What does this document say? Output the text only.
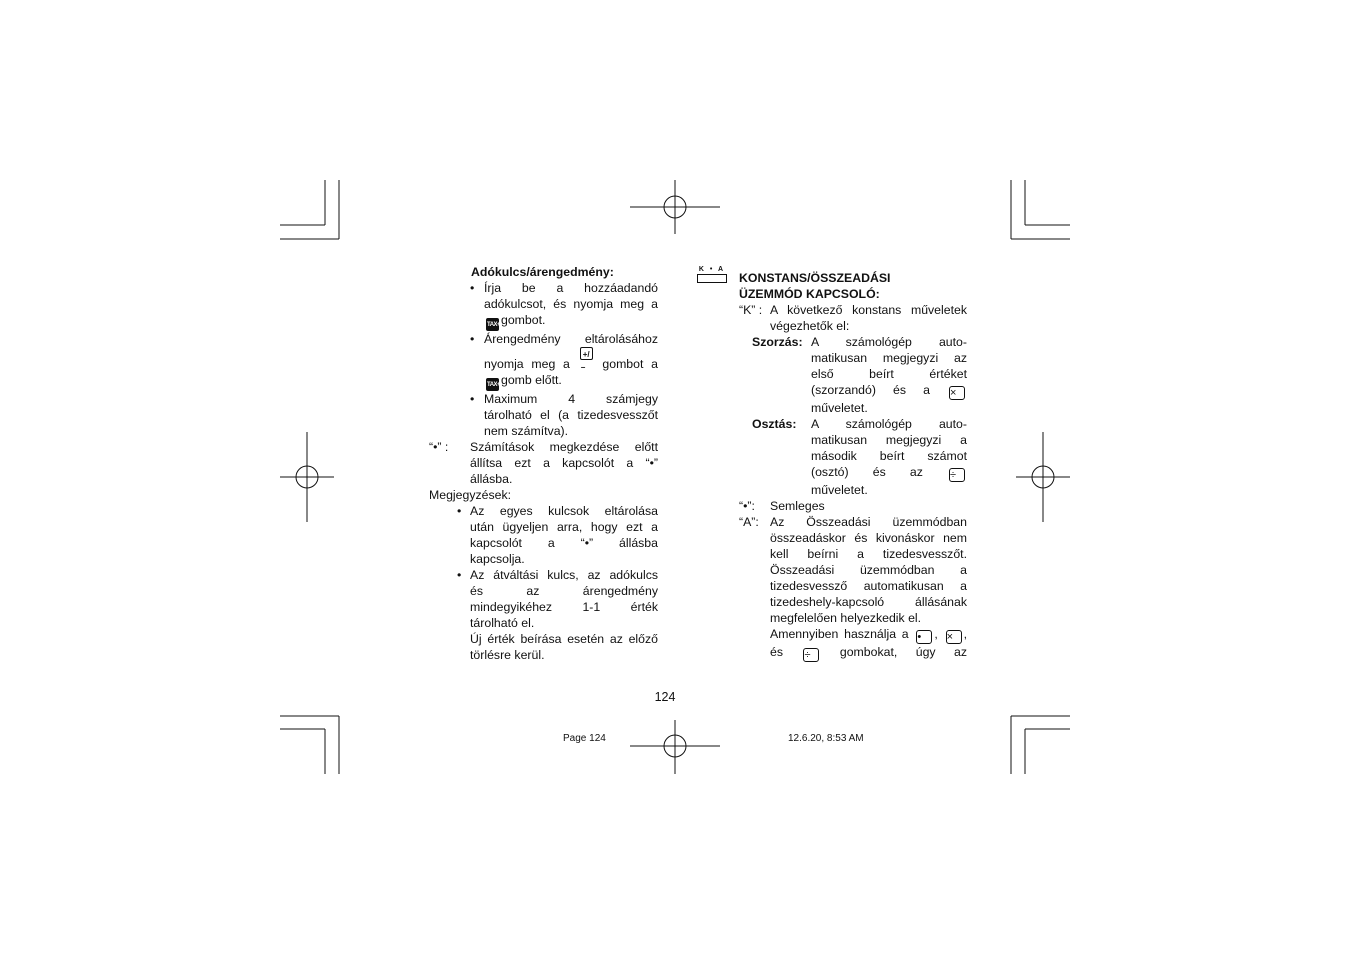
Adókulcs/árengedmény:
• Írja be a hozzáadandó
adókulcsot, és nyomja meg a
TAX+gombot.
• Árengedmény eltárolásához
nyomja meg a +/− gombot a
TAX+gomb előtt.
• Maximum 4 számjegy
tárolható el (a tizedesvesszőt
nem számítva).
“•” : Számítások megkezdése előtt
állítsa ezt a kapcsolót a “•”
állásba.
Megjegyzések:
• Az egyes kulcsok eltárolása
után ügyeljen arra, hogy ezt a
kapcsolót a “•” állásba
kapcsolja.
• Az átváltási kulcs, az adókulcs
és az árengedmény
mindegyikéhez 1-1 érték
tárolható el.
Új érték beírása esetén az előző
törlésre kerül.
K • A
KONSTANS/ÖSSZEADÁSI
ÜZEMMÓD KAPCSOLÓ:
“K” : A következő konstans műveletek
végezhetők el:
Szorzás: A számológép auto-
matikusan megjegyzi az
első beírt értéket
(szorzandó) és a ×
műveletet.
Osztás: A számológép auto-
matikusan megjegyzi a
második beírt számot
(osztó) és az ÷
műveletet.
“•”: Semleges
“A”: Az Összeadási üzemmódban
összeadáskor és kivonáskor nem
kell beírni a tizedesvesszőt.
Összeadási üzemmódban a
tizedesvessző automatikusan a
tizedeshely-kapcsoló állásának
megfelelően helyezkedik el.
Amennyiben használja a • , × ,
és ÷ gombokat, úgy az
124
Page 124	12.6.20, 8:53 AM
